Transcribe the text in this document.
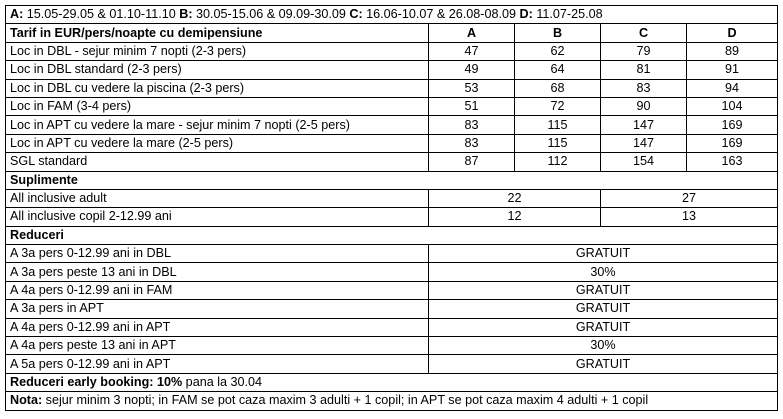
A: 15.05-29.05 & 01.10-11.10 B: 30.05-15.06 & 09.09-30.09 C: 16.06-10.07 & 26.08-08.09 D: 11.07-25.08				
Tarif in EUR/pers/noapte cu demipensiune	A	B	C	D
Loc in DBL - sejur minim 7 nopti (2-3 pers)	47	62	79	89
Loc in DBL standard (2-3 pers)	49	64	81	91
Loc in DBL cu vedere la piscina (2-3 pers)	53	68	83	94
Loc in FAM (3-4 pers)	51	72	90	104
Loc in APT cu vedere la mare - sejur minim 7 nopti (2-5 pers)	83	115	147	169
Loc in APT cu vedere la mare (2-5 pers)	83	115	147	169
SGL standard	87	112	154	163
Suplimente				
All inclusive adult	22		27	
All inclusive copil 2-12.99 ani	12		13	
Reduceri				
A 3a pers 0-12.99 ani in DBL	GRATUIT			
A 3a pers peste 13 ani in DBL	30%			
A 4a pers 0-12.99 ani in FAM	GRATUIT			
A 3a pers in APT	GRATUIT			
A 4a pers 0-12.99 ani in APT	GRATUIT			
A 4a pers peste 13 ani in APT	30%			
A 5a pers 0-12.99 ani in APT	GRATUIT			
Reduceri early booking: 10% pana la 30.04				
Nota: sejur minim 3 nopti; in FAM se pot caza maxim 3 adulti + 1 copil; in APT se pot caza maxim 4 adulti + 1 copil				
